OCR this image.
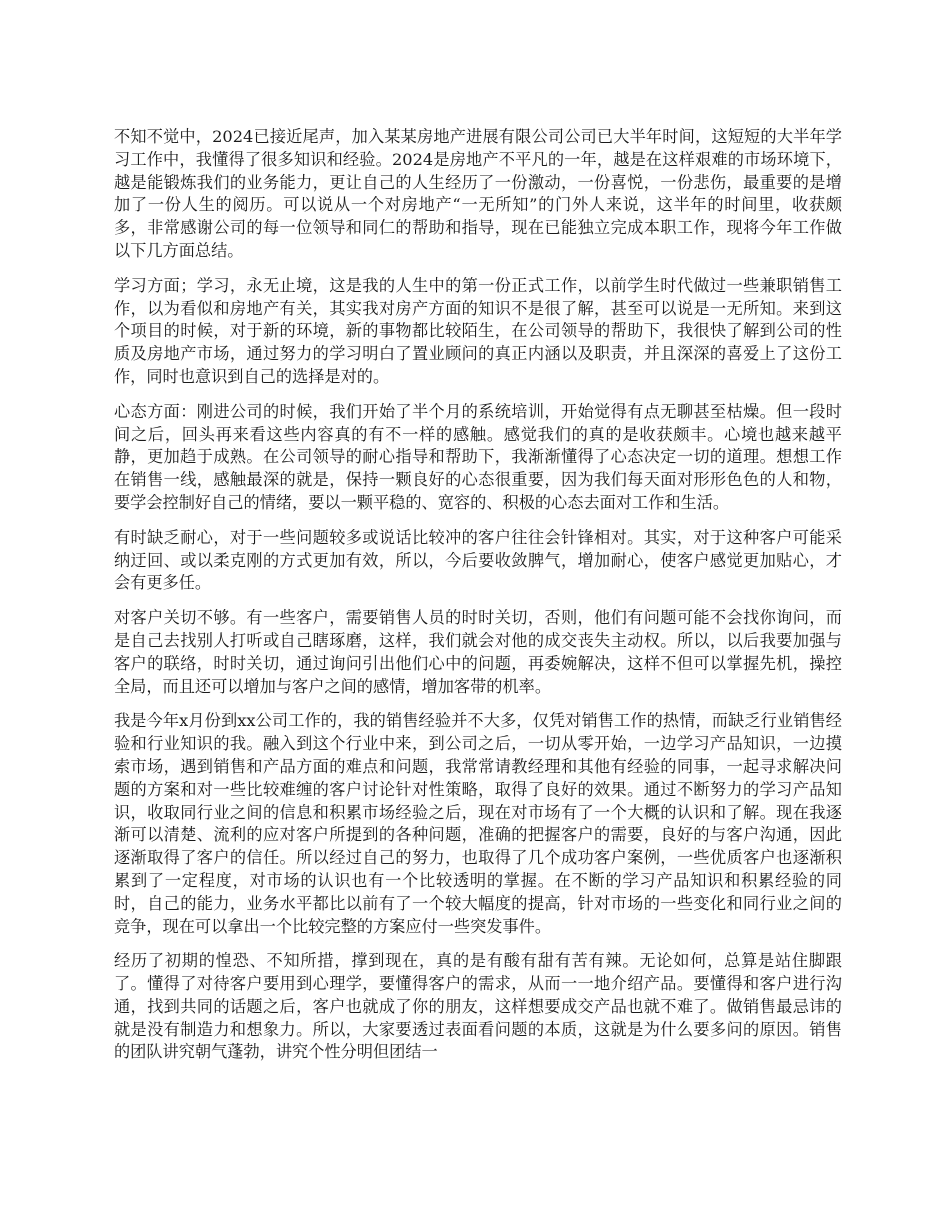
不知不觉中，2024已接近尾声，加入某某房地产进展有限公司公司已大半年时间，这短短的大半年学习工作中，我懂得了很多知识和经验。2024是房地产不平凡的一年，越是在这样艰难的市场环境下，越是能锻炼我们的业务能力，更让自己的人生经历了一份激动，一份喜悦，一份悲伤，最重要的是增加了一份人生的阅历。可以说从一个对房地产“一无所知”的门外人来说，这半年的时间里，收获颇多，非常感谢公司的每一位领导和同仁的帮助和指导，现在已能独立完成本职工作，现将今年工作做以下几方面总结。

学习方面；学习，永无止境，这是我的人生中的第一份正式工作，以前学生时代做过一些兼职销售工作，以为看似和房地产有关，其实我对房产方面的知识不是很了解，甚至可以说是一无所知。来到这个项目的时候，对于新的环境，新的事物都比较陌生，在公司领导的帮助下，我很快了解到公司的性质及房地产市场，通过努力的学习明白了置业顾问的真正内涵以及职责，并且深深的喜爱上了这份工作，同时也意识到自己的选择是对的。

心态方面：刚进公司的时候，我们开始了半个月的系统培训，开始觉得有点无聊甚至枯燥。但一段时间之后，回头再来看这些内容真的有不一样的感触。感觉我们的真的是收获颇丰。心境也越来越平静，更加趋于成熟。在公司领导的耐心指导和帮助下，我渐渐懂得了心态决定一切的道理。想想工作在销售一线，感触最深的就是，保持一颗良好的心态很重要，因为我们每天面对形形色色的人和物，要学会控制好自己的情绪，要以一颗平稳的、宽容的、积极的心态去面对工作和生活。

有时缺乏耐心，对于一些问题较多或说话比较冲的客户往往会针锋相对。其实，对于这种客户可能采纳迂回、或以柔克刚的方式更加有效，所以，今后要收敛脾气，增加耐心，使客户感觉更加贴心，才会有更多任。

对客户关切不够。有一些客户，需要销售人员的时时关切，否则，他们有问题可能不会找你询问，而是自己去找别人打听或自己瞎琢磨，这样，我们就会对他的成交丧失主动权。所以，以后我要加强与客户的联络，时时关切，通过询问引出他们心中的问题，再委婉解决，这样不但可以掌握先机，操控全局，而且还可以增加与客户之间的感情，增加客带的机率。

我是今年x月份到xx公司工作的，我的销售经验并不大多，仅凭对销售工作的热情，而缺乏行业销售经验和行业知识的我。融入到这个行业中来，到公司之后，一切从零开始，一边学习产品知识，一边摸索市场，遇到销售和产品方面的难点和问题，我常常请教经理和其他有经验的同事，一起寻求解决问题的方案和对一些比较难缠的客户讨论针对性策略，取得了良好的效果。通过不断努力的学习产品知识，收取同行业之间的信息和积累市场经验之后，现在对市场有了一个大概的认识和了解。现在我逐渐可以清楚、流利的应对客户所提到的各种问题，准确的把握客户的需要，良好的与客户沟通，因此逐渐取得了客户的信任。所以经过自己的努力，也取得了几个成功客户案例，一些优质客户也逐渐积累到了一定程度，对市场的认识也有一个比较透明的掌握。在不断的学习产品知识和积累经验的同时，自己的能力，业务水平都比以前有了一个较大幅度的提高，针对市场的一些变化和同行业之间的竞争，现在可以拿出一个比较完整的方案应付一些突发事件。

经历了初期的惶恐、不知所措，撑到现在，真的是有酸有甜有苦有辣。无论如何，总算是站住脚跟了。懂得了对待客户要用到心理学，要懂得客户的需求，从而一一地介绍产品。要懂得和客户进行沟通，找到共同的话题之后，客户也就成了你的朋友，这样想要成交产品也就不难了。做销售最忌讳的就是没有制造力和想象力。所以，大家要透过表面看问题的本质，这就是为什么要多问的原因。销售的团队讲究朝气蓬勃，讲究个性分明但团结一
